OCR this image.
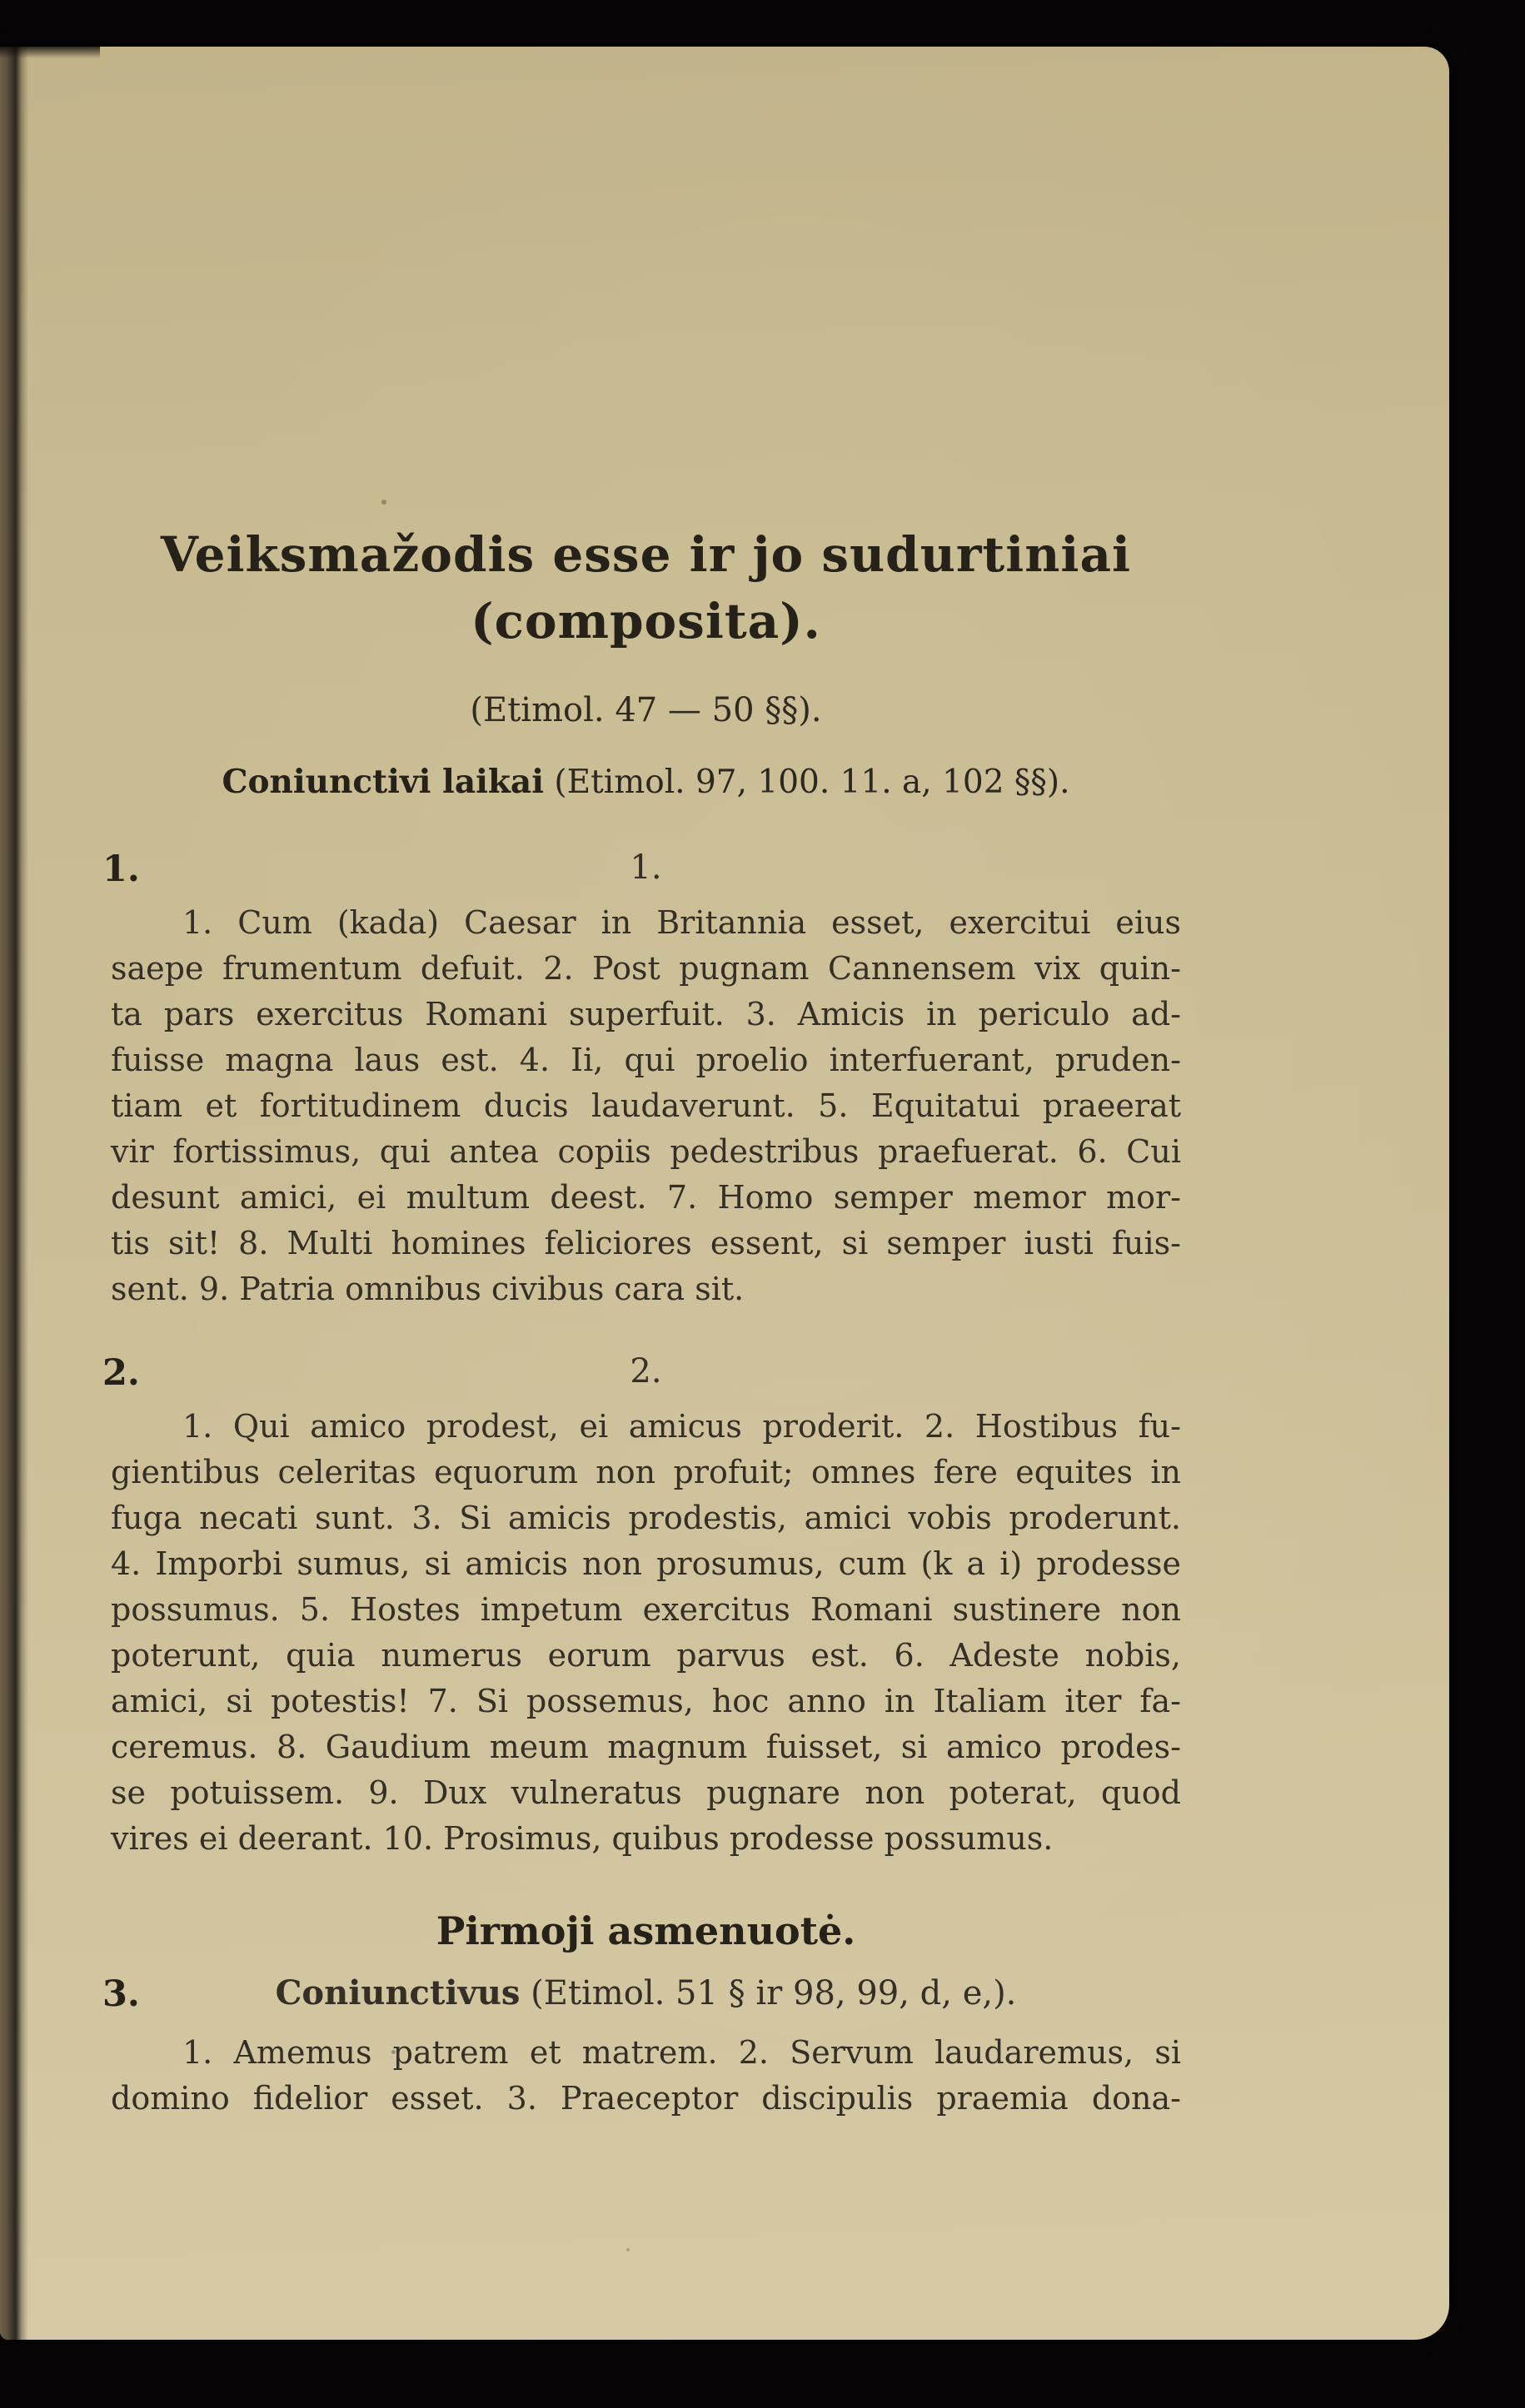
Veiksmažodis esse ir jo sudurtiniai
(composita).
(Etimol. 47 — 50 §§).
Coniunctivi laikai (Etimol. 97, 100. 11. a, 102 §§).
1.	1.
1. Cum (kada) Caesar in Britannia esset, exercitui eius
saepe frumentum defuit. 2. Post pugnam Cannensem vix quin-
ta pars exercitus Romani superfuit. 3. Amicis in periculo ad-
fuisse magna laus est. 4. Ii, qui proelio interfuerant, pruden-
tiam et fortitudinem ducis laudaverunt. 5. Equitatui praeerat
vir fortissimus, qui antea copiis pedestribus praefuerat. 6. Cui
desunt amici, ei multum deest. 7. Homo semper memor mor-
tis sit! 8. Multi homines feliciores essent, si semper iusti fuis-
sent. 9. Patria omnibus civibus cara sit.
2.	2.
1. Qui amico prodest, ei amicus proderit. 2. Hostibus fu-
gientibus celeritas equorum non profuit; omnes fere equites in
fuga necati sunt. 3. Si amicis prodestis, amici vobis proderunt.
4. Imporbi sumus, si amicis non prosumus, cum (k a i) prodesse
possumus. 5. Hostes impetum exercitus Romani sustinere non
poterunt, quia numerus eorum parvus est. 6. Adeste nobis,
amici, si potestis! 7. Si possemus, hoc anno in Italiam iter fa-
ceremus. 8. Gaudium meum magnum fuisset, si amico prodes-
se potuissem. 9. Dux vulneratus pugnare non poterat, quod
vires ei deerant. 10. Prosimus, quibus prodesse possumus.
Pirmoji asmenuotė.
3.	Coniunctivus (Etimol. 51 § ir 98, 99, d, e,).
1. Amemus patrem et matrem. 2. Servum laudaremus, si
domino fidelior esset. 3. Praeceptor discipulis praemia dona-
